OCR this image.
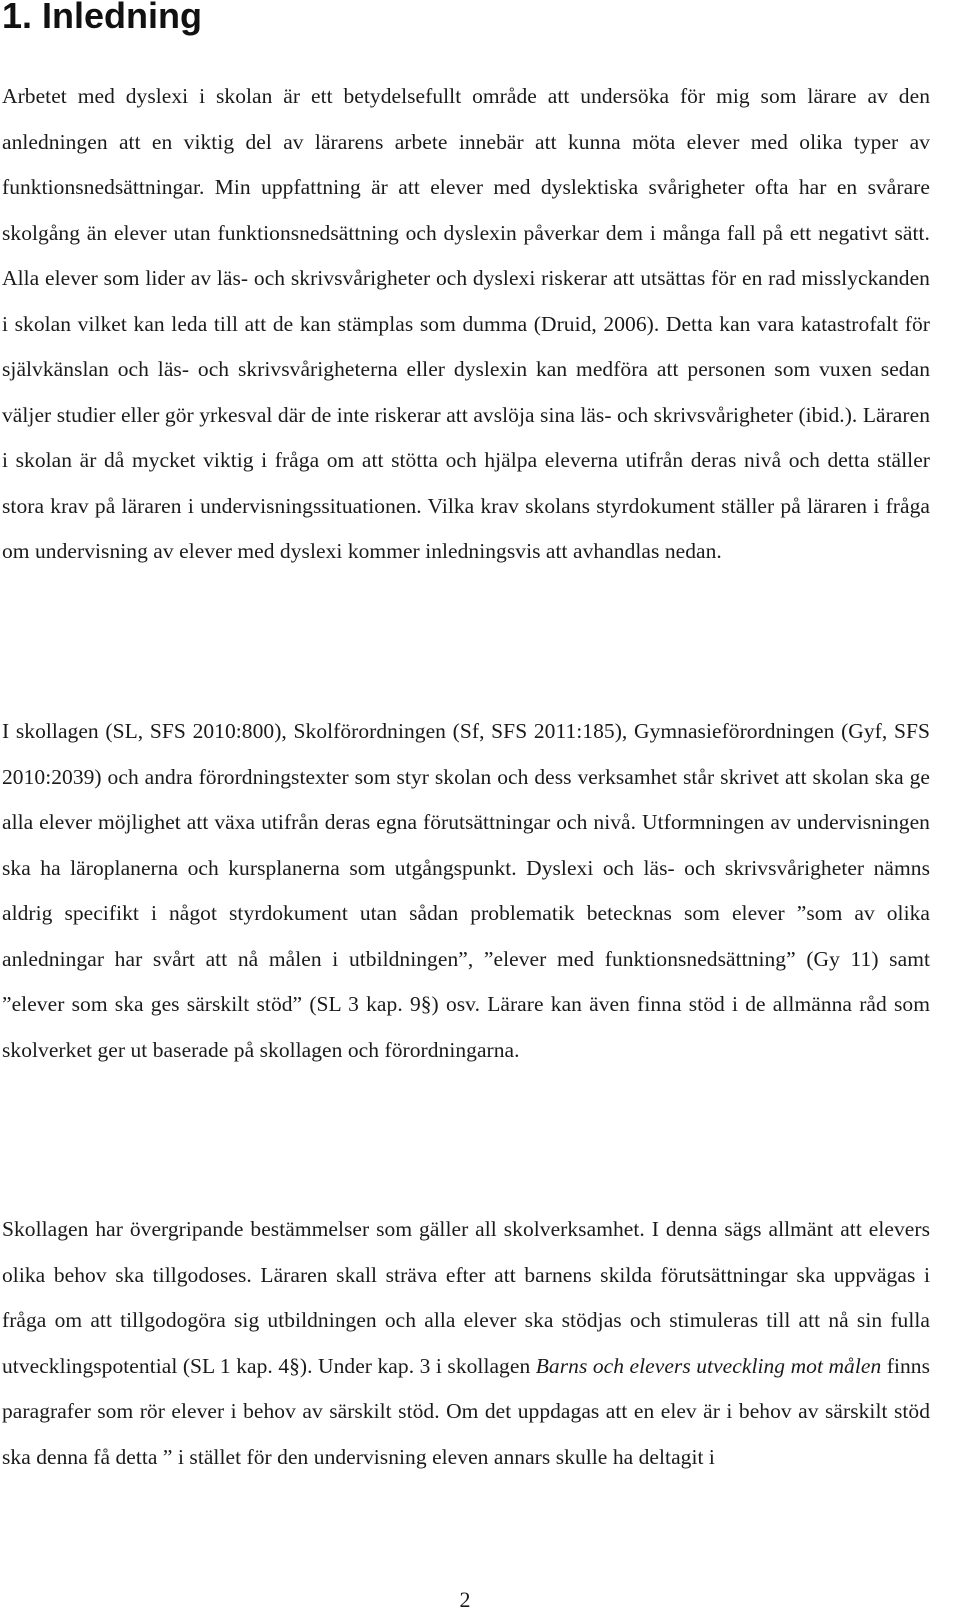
1. Inledning

Arbetet med dyslexi i skolan är ett betydelsefullt område att undersöka för mig som lärare av den anledningen att en viktig del av lärarens arbete innebär att kunna möta elever med olika typer av funktionsnedsättningar. Min uppfattning är att elever med dyslektiska svårigheter ofta har en svårare skolgång än elever utan funktionsnedsättning och dyslexin påverkar dem i många fall på ett negativt sätt. Alla elever som lider av läs- och skrivsvårigheter och dyslexi riskerar att utsättas för en rad misslyckanden i skolan vilket kan leda till att de kan stämplas som dumma (Druid, 2006). Detta kan vara katastrofalt för självkänslan och läs- och skrivsvårigheterna eller dyslexin kan medföra att personen som vuxen sedan väljer studier eller gör yrkesval där de inte riskerar att avslöja sina läs- och skrivsvårigheter (ibid.). Läraren i skolan är då mycket viktig i fråga om att stötta och hjälpa eleverna utifrån deras nivå och detta ställer stora krav på läraren i undervisningssituationen. Vilka krav skolans styrdokument ställer på läraren i fråga om undervisning av elever med dyslexi kommer inledningsvis att avhandlas nedan.

I skollagen (SL, SFS 2010:800), Skolförordningen (Sf, SFS 2011:185), Gymnasieförordningen (Gyf, SFS 2010:2039) och andra förordningstexter som styr skolan och dess verksamhet står skrivet att skolan ska ge alla elever möjlighet att växa utifrån deras egna förutsättningar och nivå. Utformningen av undervisningen ska ha läroplanerna och kursplanerna som utgångspunkt. Dyslexi och läs- och skrivsvårigheter nämns aldrig specifikt i något styrdokument utan sådan problematik betecknas som elever ”som av olika anledningar har svårt att nå målen i utbildningen”, ”elever med funktionsnedsättning” (Gy 11) samt ”elever som ska ges särskilt stöd” (SL 3 kap. 9§) osv. Lärare kan även finna stöd i de allmänna råd som skolverket ger ut baserade på skollagen och förordningarna.

Skollagen har övergripande bestämmelser som gäller all skolverksamhet. I denna sägs allmänt att elevers olika behov ska tillgodoses. Läraren skall sträva efter att barnens skilda förutsättningar ska uppvägas i fråga om att tillgodogöra sig utbildningen och alla elever ska stödjas och stimuleras till att nå sin fulla utvecklingspotential (SL 1 kap. 4§). Under kap. 3 i skollagen Barns och elevers utveckling mot målen finns paragrafer som rör elever i behov av särskilt stöd. Om det uppdagas att en elev är i behov av särskilt stöd ska denna få detta ” i stället för den undervisning eleven annars skulle ha deltagit i

2
